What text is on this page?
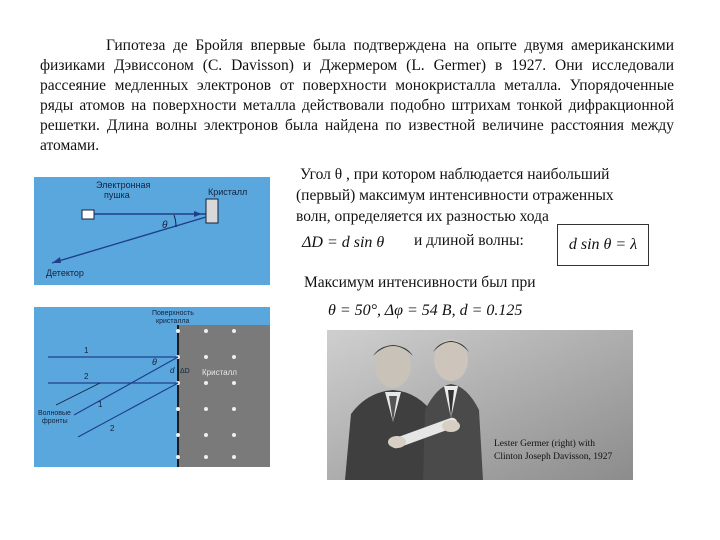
Гипотеза де Бройля впервые была подтверждена на опыте двумя американскими физиками Дэвиссоном (C. Davisson) и Джермером (L. Germer) в 1927. Они исследовали рассеяние медленных электронов от поверхности монокристалла металла. Упорядоченные ряды атомов на поверхности металла действовали подобно штрихам тонкой дифракционной решетки. Длина волны электронов была найдена по известной величине расстояния между атомами.

Электронная
пушка	Кристалл
θ
Детектор
Поверхность
кристалла
Кристалл
1
2
1
2
θ
ΔD
d
Волновые
фронты
Угол θ , при котором наблюдается наибольший
(первый) максимум интенсивности отраженных
волн, определяется их разностью хода
ΔD = d sin θ и длиной волны:	d sin θ = λ
Максимум интенсивности был при
θ = 50°, Δφ = 54 B, d = 0.125
Lester Germer (right) with
Clinton Joseph Davisson, 1927
